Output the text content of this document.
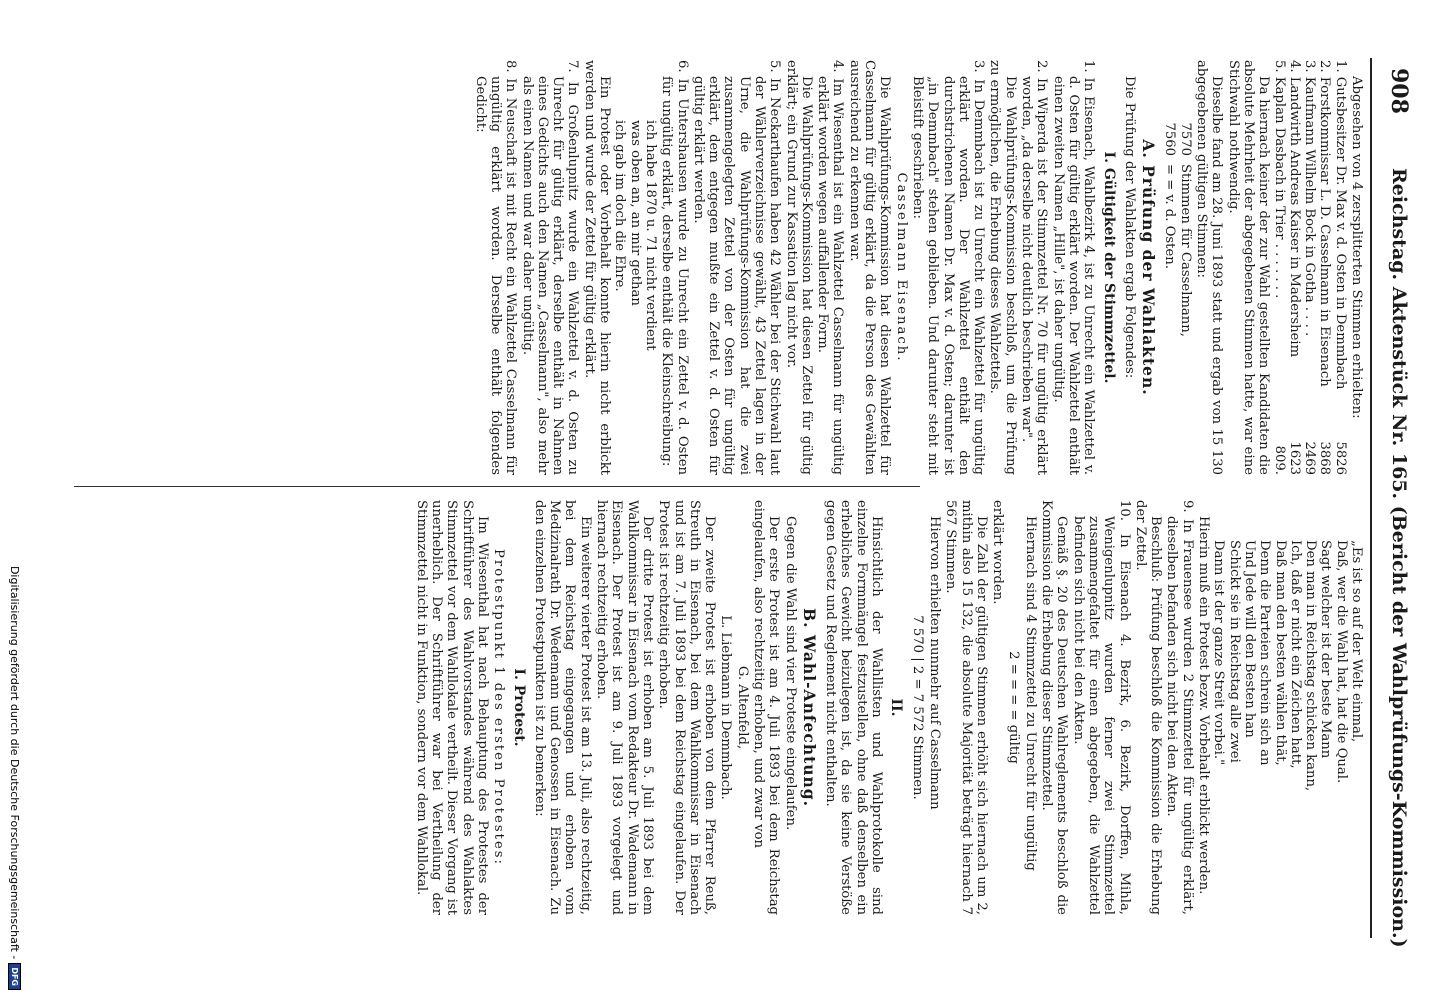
908
Reichstag. Aktenstück Nr. 165. (Bericht der Wahlprüfungs-Kommission.)

Abgesehen von 4 zersplitterten Stimmen erhielten:

1. Gutsbesitzer Dr. Max v. d. Osten in Demmbach
5826
2. Forstkommissar L. D. Casselmann in Eisenach
3868
3. Kaufmann Wilhelm Bock in Gotha . . . .
2469
4. Landwirth Andreas Kaiser in Madersheim
1623
5. Kaplan Dasbach in Trier . . . . . . .
809.

Da hiernach keiner der zur Wahl gestellten Kandidaten die absolute Mehrheit der abgegebenen Stimmen hatte, war eine Stichwahl nothwendig.

Dieselbe fand am 28. Juni 1893 statt und ergab von 15 130 abgegebenen gültigen Stimmen:

7570
Stimmen für Casselmann,
7560
= = v. d. Osten.
A. Prüfung der Wahlakten.

Die Prüfung der Wahlakten ergab Folgendes:

I. Gültigkeit der Stimmzettel.

1. In Eisenach, Wahlbezirk 4, ist zu Unrecht ein Wahlzettel v. d. Osten für gültig erklärt worden. Der Wahlzettel enthält einen zweiten Namen „Hille", ist daher ungültig.

2. In Wiperda ist der Stimmzettel Nr. 70 für ungültig erklärt worden, „da derselbe nicht deutlich beschrieben war".

Die Wahlprüfungs-Kommission beschloß, um die Prüfung zu ermöglichen, die Erhebung dieses Wahlzettels.

3. In Demmbach ist zu Unrecht ein Wahlzettel für ungültig erklärt worden. Der Wahlzettel enthält den durchstrichenen Namen Dr. Max v. d. Osten; darunter ist „in Demmbach" stehen geblieben. Und darunter steht mit Bleistift geschrieben:

Casselmann Eisenach.

Die Wahlprüfungs-Kommission hat diesen Wahlzettel für Casselmann für gültig erklärt, da die Person des Gewählten ausreichend zu erkennen war.

4. Im Wiesenthal ist ein Wahlzettel Casselmann für ungültig erklärt worden wegen auffallender Form.

Die Wahlprüfungs-Kommission hat diesen Zettel für gültig erklärt; ein Grund zur Kassation lag nicht vor.

5. In Neckarthaufen haben 42 Wähler bei der Stichwahl laut der Wählerverzeichnisse gewählt, 43 Zettel lagen in der Urne, die Wahlprüfungs-Kommission hat die zwei zusammengelegten Zettel von der Osten für ungültig erklärt, dem entgegen mußte ein Zettel v. d. Osten für gültig erklärt werden.

6. In Untershausen wurde zu Unrecht ein Zettel v. d. Osten für ungültig erklärt, derselbe enthält die Kleinschreibung:

ich habe 1870 u. 71 nicht verdient
was oben an, an mir gethan
ich gab im doch die Ehre.

Ein Protest oder Vorbehalt konnte hierin nicht erblickt werden und wurde der Zettel für gültig erklärt.

7. In Großenlupnitz wurde ein Wahlzettel v. d. Osten zu Unrecht für gültig erklärt, derselbe enthält in Nahmen eines Gedichts auch den Namen „Casselmann", also mehr als einen Namen und war daher ungültig.

8. In Neuschaft ist mit Recht ein Wahlzettel Casselmann für ungültig erklärt worden. Derselbe enthält folgendes Gedicht:

„Es ist so auf der Welt einmal,
Daß, wer die Wahl hat, hat die Qual.
Sagt welcher ist der beste Mann
Den man in Reichstag schicken kann,
Ich, daß er nicht ein Zeichen hatt,
Daß man den besten wählen thät,
Denn die Parteien schrein sich an
Und Jede will den Besten han
Schickt sie in Reichstag alle zwei
Dann ist der ganze Streit vorbei."

Hierin muß ein Protest bezw. Vorbehalt erblickt werden.

9. In Frauensee wurden 2 Stimmzettel für ungültig erklärt, dieselben befanden sich nicht bei den Akten.

Beschluß: Prüfung beschloß die Kommission die Erhebung der Zettel.

10. In Eisenach 4. Bezirk, 6. Bezirk, Dorffen, Mihla, Wenigenlupnitz wurden ferner zwei Stimmzettel zusammengefaltet für einen abgegeben, die Wahlzettel befinden sich nicht bei den Akten.

Gemäß §. 20 des Deutschen Wahlreglements beschloß die Kommission die Erhebung dieser Stimmzettel.

Hiernach sind 4 Stimmzettel zu Unrecht für ungültig

2 = = = = gültig

erklärt worden.

Die Zahl der gültigen Stimmen erhöht sich hiernach um 2, mithin also 15 132, die absolute Majorität beträgt hiernach 7 567 Stimmen.

Hiervon erhielten nunmehr auf Casselmann

7 570 | 2 = 7 572 Stimmen.

II.

Hinsichtlich der Wahllisten und Wahlprotokolle sind einzelne Formmängel festzustellen, ohne daß denselben ein erhebliches Gewicht beizulegen ist, da sie keine Verstöße gegen Gesetz und Reglement nicht enthalten.

B. Wahl-Anfechtung.

Gegen die Wahl sind vier Proteste eingelaufen.

Der erste Protest ist am 4. Juli 1893 bei dem Reichstag eingelaufen, also rechtzeitig erhoben, und zwar von

G. Altenfeld,

L. Liebmann in Demmbach.

Der zweite Protest ist erhoben von dem Pfarrer Reuß, Streuth in Eisenach, bei dem Wahlkommissar in Eisenach und ist am 7. Juli 1893 bei dem Reichstag eingelaufen. Der Protest ist rechtzeitig erhoben.

Der dritte Protest ist erhoben am 5. Juli 1893 bei dem Wahlkommissar in Eisenach vom Redakteur Dr. Wademann in Eisenach. Der Protest ist am 9. Juli 1893 vorgelegt und hiernach rechtzeitig erhoben.

Ein weiterer vierter Protest ist am 13. Juli, also rechtzeitig, bei dem Reichstag eingegangen und erhoben vom Medizinalrath Dr. Wedemann und Genossen in Eisenach. Zu den einzelnen Protestpunkten ist zu bemerken:

I. Protest.

Protestpunkt 1 des ersten Protestes:

Im Wiesenthal hat nach Behauptung des Protestes der Schriftführer des Wahlvorstandes während des Wahlaktes Stimmzettel vor dem Wahllokale vertheilt. Dieser Vorgang ist unerheblich. Der Schriftführer war bei Vertheilung der Stimmzettel nicht in Funktion, sondern vor dem Wahllokal.

Digitalisierung gefördert durch die Deutsche Forschungsgemeinschaft -
DFG
